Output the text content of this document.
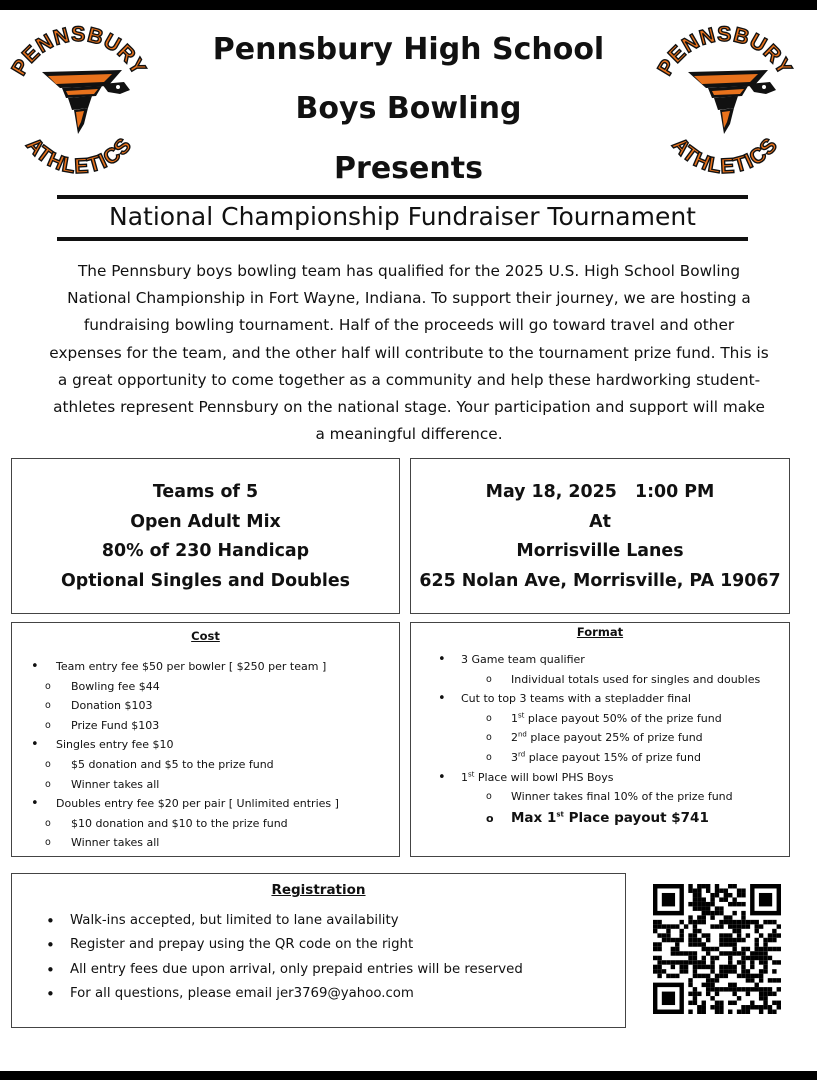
PENNSBURY
ATHLETICS
PENNSBURY
ATHLETICS
Pennsbury High School
Boys Bowling
Presents
National Championship Fundraiser Tournament
The Pennsbury boys bowling team has qualified for the 2025 U.S. High School Bowling National Championship in Fort Wayne, Indiana. To support their journey, we are hosting a fundraising bowling tournament. Half of the proceeds will go toward travel and other expenses for the team, and the other half will contribute to the tournament prize fund. This is a great opportunity to come together as a community and help these hardworking student-athletes represent Pennsbury on the national stage. Your participation and support will make a meaningful difference.
Teams of 5
Open Adult Mix
80% of 230 Handicap
Optional Singles and Doubles
May 18, 2025   1:00 PM
At
Morrisville Lanes
625 Nolan Ave, Morrisville, PA 19067
Cost
• Team entry fee $50 per bowler [ $250 per team ]
o Bowling fee $44
o Donation $103
o Prize Fund $103
• Singles entry fee $10
o $5 donation and $5 to the prize fund
o Winner takes all
• Doubles entry fee $20 per pair [ Unlimited entries ]
o $10 donation and $10 to the prize fund
o Winner takes all
Format
• 3 Game team qualifier
o Individual totals used for singles and doubles
• Cut to top 3 teams with a stepladder final
o 1st place payout 50% of the prize fund
o 2nd place payout 25% of prize fund
o 3rd place payout 15% of prize fund
• 1st Place will bowl PHS Boys
o Winner takes final 10% of the prize fund
o Max 1st Place payout $741
Registration
• Walk-ins accepted, but limited to lane availability
• Register and prepay using the QR code on the right
• All entry fees due upon arrival, only prepaid entries will be reserved
• For all questions, please email jer3769@yahoo.com
